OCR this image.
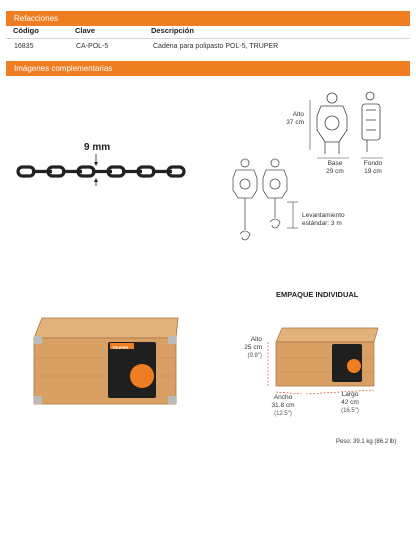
Refacciones
Código	Clave	Descripción
16835	CA-POL-5	Cadena para polipasto POL-5, TRUPER
Imágenes complementarias
9 mm
Alto
37 cm
Base
29 cm
Fondo
19 cm
Levantamiento
estándar: 3 m
TRUPER
EMPAQUE INDIVIDUAL
Alto
25 cm
(9.8")
Ancho
31.8 cm
(12.5")
Largo
42 cm
(16.5")
Peso: 39.1 kg (86.2 lb)
